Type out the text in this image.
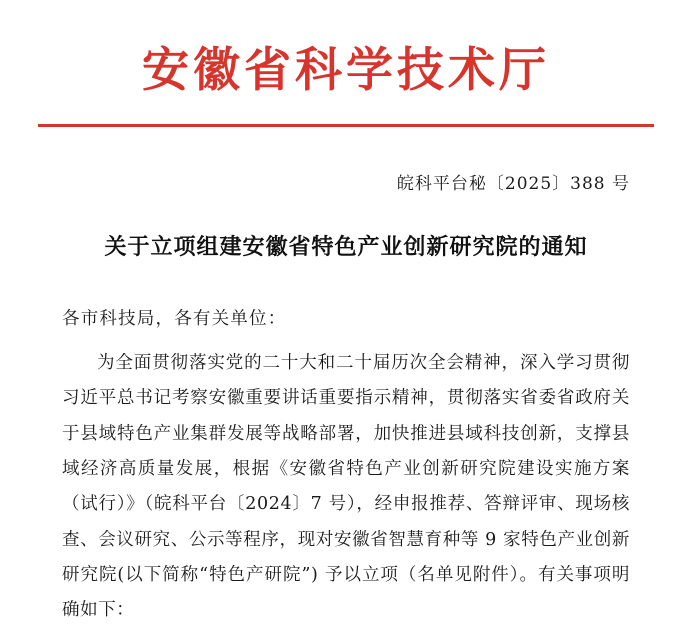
安徽省科学技术厅
皖科平台秘〔2025〕388 号
关于立项组建安徽省特色产业创新研究院的通知
各市科技局，各有关单位：

为全面贯彻落实党的二十大和二十届历次全会精神，深入学习贯彻习近平总书记考察安徽重要讲话重要指示精神，贯彻落实省委省政府关于县域特色产业集群发展等战略部署，加快推进县域科技创新，支撑县域经济高质量发展，根据《安徽省特色产业创新研究院建设实施方案（试行）》（皖科平台〔2024〕7 号），经申报推荐、答辩评审、现场核查、会议研究、公示等程序，现对安徽省智慧育种等 9 家特色产业创新研究院(以下简称“特色产研院”) 予以立项（名单见附件）。有关事项明确如下：
